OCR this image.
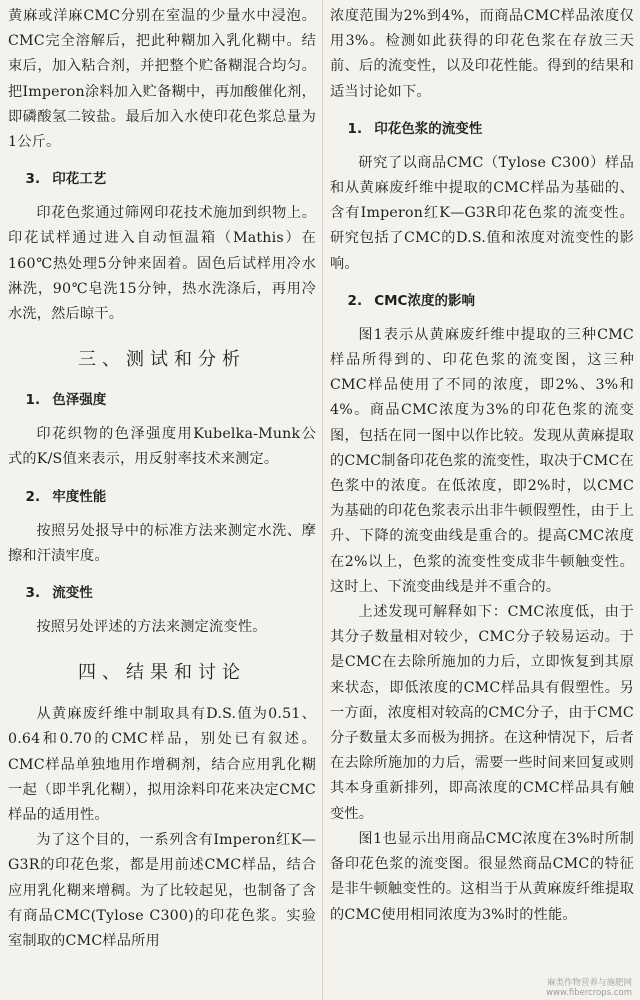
黄麻或洋麻CMC分别在室温的少量水中浸泡。CMC完全溶解后，把此种糊加入乳化糊中。结束后，加入粘合剂，并把整个贮备糊混合均匀。把Imperon涂料加入贮备糊中，再加酸催化剂，即磷酸氢二铵盐。最后加入水使印花色浆总量为1公斤。

3. 印花工艺

印花色浆通过筛网印花技术施加到织物上。印花试样通过进入自动恒温箱（Mathis）在160℃热处理5分钟来固着。固色后试样用冷水淋洗，90℃皂洗15分钟，热水洗涤后，再用冷水洗，然后晾干。

三、测试和分析
1. 色泽强度

印花织物的色泽强度用Kubelka-Munk公式的K/S值来表示，用反射率技术来测定。

2. 牢度性能

按照另处报导中的标准方法来测定水洗、摩擦和汗渍牢度。

3. 流变性

按照另处评述的方法来测定流变性。

四、结果和讨论

从黄麻废纤维中制取具有D.S.值为0.51、0.64和0.70的CMC样品，别处已有叙述。CMC样品单独地用作增稠剂，结合应用乳化糊一起（即半乳化糊），拟用涂料印花来决定CMC样品的适用性。

为了这个目的，一系列含有Imperon红K—G3R的印花色浆，都是用前述CMC样品，结合应用乳化糊来增稠。为了比较起见，也制备了含有商品CMC(Tylose C300)的印花色浆。实验室制取的CMC样品所用

浓度范围为2%到4%，而商品CMC样品浓度仅用3%。检测如此获得的印花色浆在存放三天前、后的流变性，以及印花性能。得到的结果和适当讨论如下。

1. 印花色浆的流变性

研究了以商品CMC（Tylose C300）样品和从黄麻废纤维中提取的CMC样品为基础的、含有Imperon红K—G3R印花色浆的流变性。研究包括了CMC的D.S.值和浓度对流变性的影响。

2. CMC浓度的影响

图1表示从黄麻废纤维中提取的三种CMC样品所得到的、印花色浆的流变图，这三种CMC样品使用了不同的浓度，即2%、3%和4%。商品CMC浓度为3%的印花色浆的流变图，包括在同一图中以作比较。发现从黄麻提取的CMC制备印花色浆的流变性，取决于CMC在色浆中的浓度。在低浓度，即2%时，以CMC为基础的印花色浆表示出非牛顿假塑性，由于上升、下降的流变曲线是重合的。提高CMC浓度在2%以上，色浆的流变性变成非牛顿触变性。这时上、下流变曲线是并不重合的。

上述发现可解释如下：CMC浓度低，由于其分子数量相对较少，CMC分子较易运动。于是CMC在去除所施加的力后，立即恢复到其原来状态，即低浓度的CMC样品具有假塑性。另一方面，浓度相对较高的CMC分子，由于CMC分子数量太多而极为拥挤。在这种情况下，后者在去除所施加的力后，需要一些时间来回复或则其本身重新排列，即高浓度的CMC样品具有触变性。

图1也显示出用商品CMC浓度在3%时所制备印花色浆的流变图。很显然商品CMC的特征是非牛顿触变性的。这相当于从黄麻废纤维提取的CMC使用相同浓度为3%时的性能。

麻类作物营养与施肥网
www.fibercrops.com
